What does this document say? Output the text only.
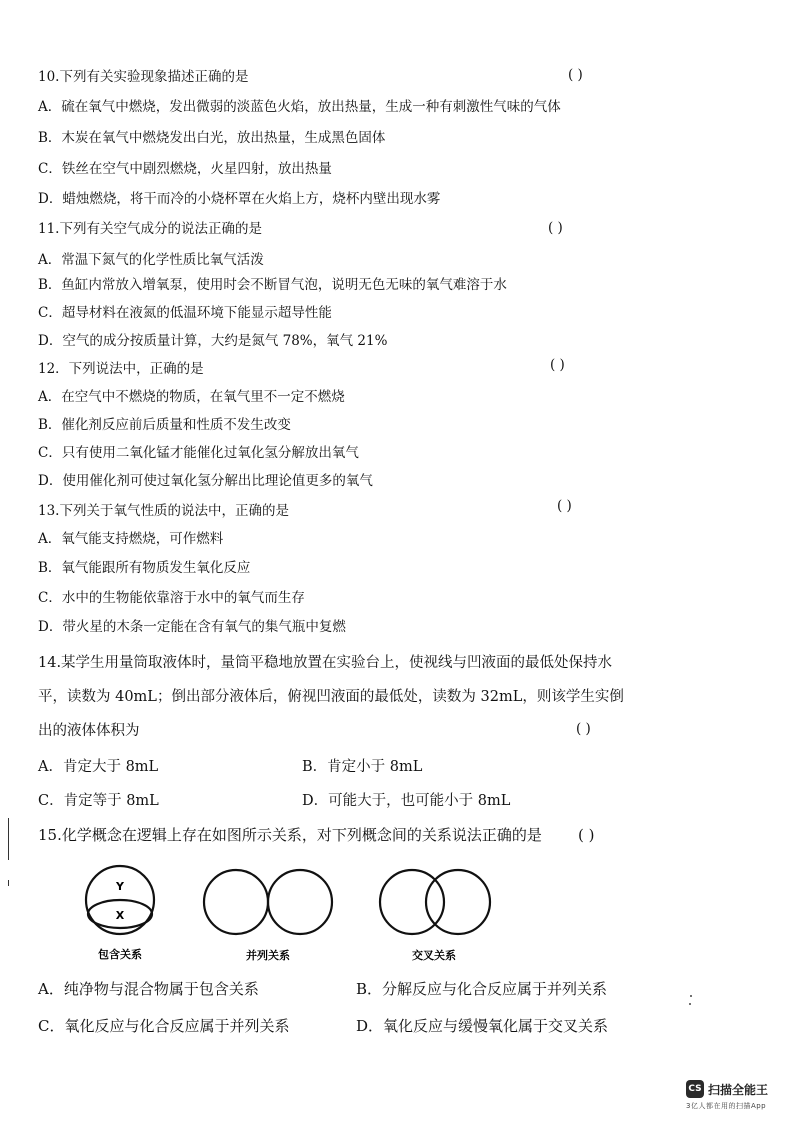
10.下列有关实验现象描述正确的是	( )
A．硫在氧气中燃烧，发出微弱的淡蓝色火焰，放出热量，生成一种有刺激性气味的气体
B．木炭在氧气中燃烧发出白光，放出热量，生成黑色固体
C．铁丝在空气中剧烈燃烧，火星四射，放出热量
D．蜡烛燃烧，将干而冷的小烧杯罩在火焰上方，烧杯内壁出现水雾
11.下列有关空气成分的说法正确的是	( )
A．常温下氮气的化学性质比氧气活泼
B．鱼缸内常放入增氧泵，使用时会不断冒气泡，说明无色无味的氧气难溶于水
C．超导材料在液氮的低温环境下能显示超导性能
D．空气的成分按质量计算，大约是氮气 78%，氧气 21%
12．下列说法中，正确的是	( )
A．在空气中不燃烧的物质，在氧气里不一定不燃烧
B．催化剂反应前后质量和性质不发生改变
C．只有使用二氧化锰才能催化过氧化氢分解放出氧气
D．使用催化剂可使过氧化氢分解出比理论值更多的氧气
13.下列关于氧气性质的说法中，正确的是	( )
A．氧气能支持燃烧，可作燃料
B．氧气能跟所有物质发生氧化反应
C．水中的生物能依靠溶于水中的氧气而生存
D．带火星的木条一定能在含有氧气的集气瓶中复燃
14.某学生用量筒取液体时，量筒平稳地放置在实验台上，使视线与凹液面的最低处保持水
平，读数为 40mL；倒出部分液体后，俯视凹液面的最低处，读数为 32mL，则该学生实倒
出的液体体积为	( )
A．肯定大于 8mL	B．肯定小于 8mL
C．肯定等于 8mL	D．可能大于，也可能小于 8mL
15.化学概念在逻辑上存在如图所示关系，对下列概念间的关系说法正确的是 ( )
Y
X
包含关系	并列关系	交叉关系
A．纯净物与混合物属于包含关系	B．分解反应与化合反应属于并列关系
C．氧化反应与化合反应属于并列关系	D．氧化反应与缓慢氧化属于交叉关系
CS 扫描全能王
3亿人都在用的扫描App
